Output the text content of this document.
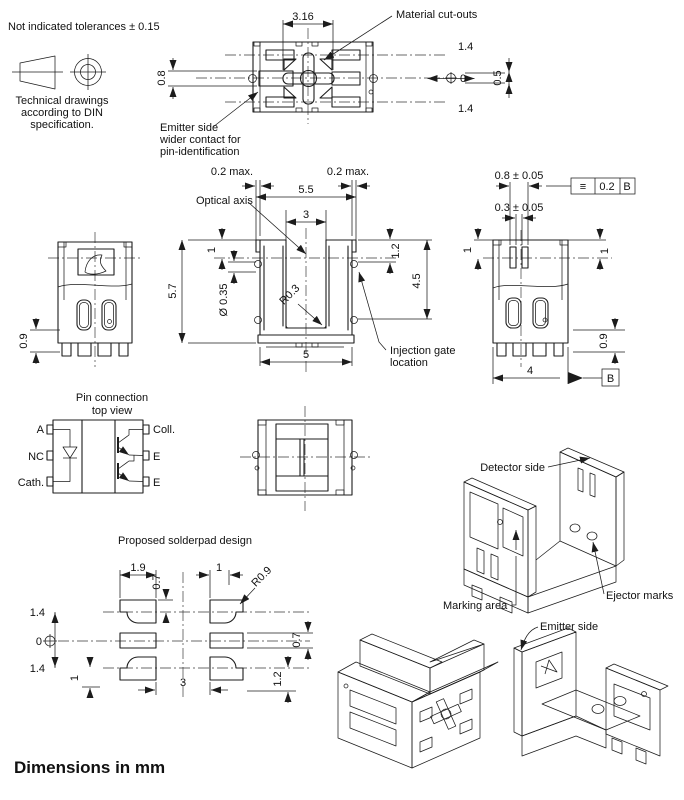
Not indicated tolerances ± 0.15
Technical drawings
according to DIN
specification.
3.16	Material cut-outs
1.4
0
1.4
0.5
0.8
Emitter side
wider contact for
pin-identification
0.9
Optical axis
0.2 max.	0.2 max.
5.5
3
1
5.7	Ø 0.35	R0.3
1.2
4.5
5	Injection gate
location
0.8 ± 0.05
≡ 0.2 B
0.3 ± 0.05
1	1
B
4
0.9
Pin connection
top view
A
NC
Cath.
Coll.
E
E
Proposed solderpad design
1.4
0
1.4
1.9
0.7
1 R0.9
1	3
0.7
1.2
Detector side
Ejector marks
Marking area
Emitter side
Dimensions in mm
